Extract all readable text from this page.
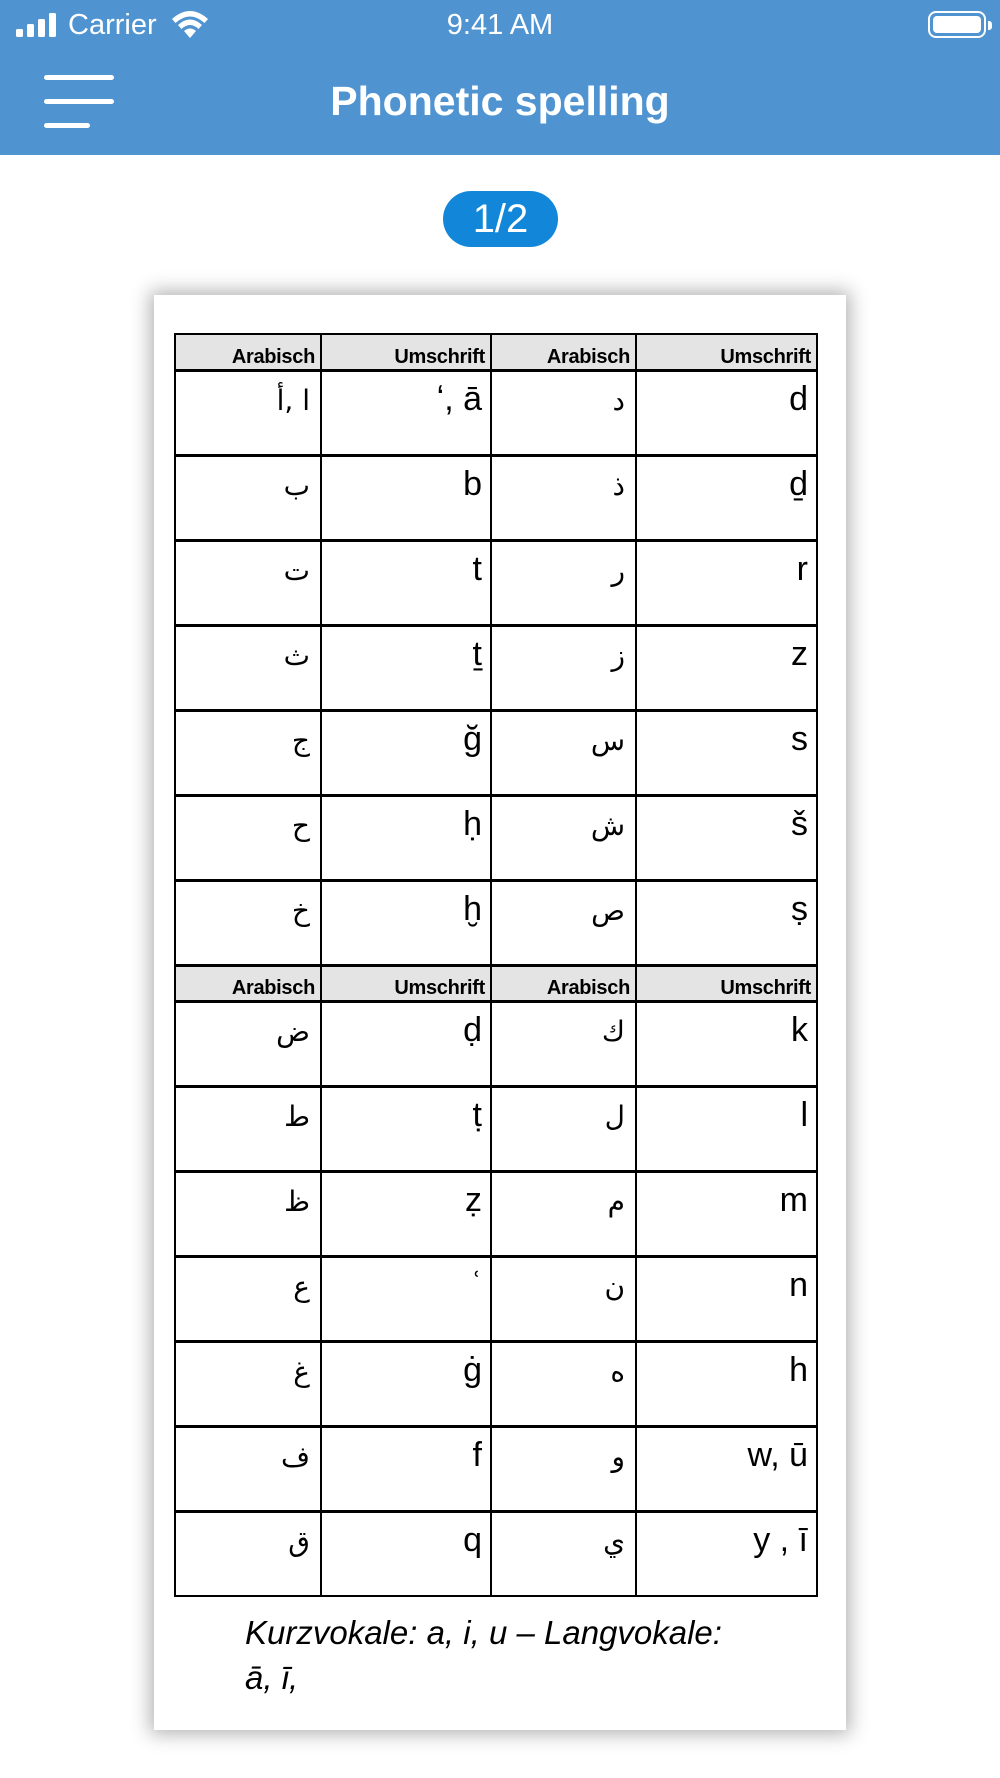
Carrier	9:41 AM
Phonetic spelling
1/2
Arabisch	Umschrift	Arabisch	Umschrift
ا ,أ	ʻ, ā	د	d
ب	b	ذ	ḏ
ت	t	ر	r
ث	ṯ	ز	z
ج	ğ	س	s
ح	ḥ	ش	š
خ	ḫ	ص	ṣ
Arabisch	Umschrift	Arabisch	Umschrift
ض	ḍ	ك	k
ط	ṭ	ل	l
ظ	ẓ	م	m
ع	ʿ	ن	n
غ	ġ	ه	h
ف	f	و	w, ū
ق	q	ي	y , ī
Kurzvokale: a, i, u – Langvokale:
ā, ī,
